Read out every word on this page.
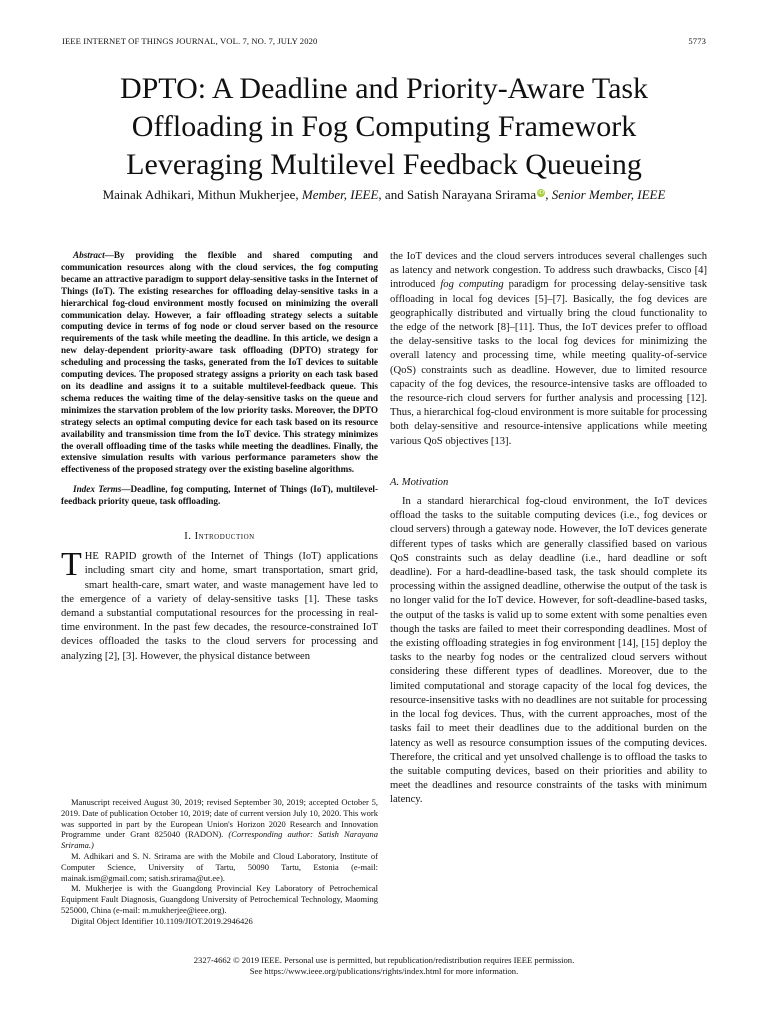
IEEE INTERNET OF THINGS JOURNAL, VOL. 7, NO. 7, JULY 2020	5773
DPTO: A Deadline and Priority-Aware Task
Offloading in Fog Computing Framework
Leveraging Multilevel Feedback Queueing
Mainak Adhikari, Mithun Mukherjee, Member, IEEE, and Satish Narayana Srirama iD, Senior Member, IEEE

Abstract—By providing the flexible and shared computing and communication resources along with the cloud services, the fog computing became an attractive paradigm to support delay-sensitive tasks in the Internet of Things (IoT). The existing researches for offloading delay-sensitive tasks in a hierarchical fog-cloud environment mostly focused on minimizing the overall communication delay. However, a fair offloading strategy selects a suitable computing device in terms of fog node or cloud server based on the resource requirements of the task while meeting the deadline. In this article, we design a new delay-dependent priority-aware task offloading (DPTO) strategy for scheduling and processing the tasks, generated from the IoT devices to suitable computing devices. The proposed strategy assigns a priority on each task based on its deadline and assigns it to a suitable multilevel-feedback queue. This schema reduces the waiting time of the delay-sensitive tasks on the queue and minimizes the starvation problem of the low priority tasks. Moreover, the DPTO strategy selects an optimal computing device for each task based on its resource availability and transmission time from the IoT device. This strategy minimizes the overall offloading time of the tasks while meeting the deadlines. Finally, the extensive simulation results with various performance parameters show the effectiveness of the proposed strategy over the existing baseline algorithms.

Index Terms—Deadline, fog computing, Internet of Things (IoT), multilevel-feedback priority queue, task offloading.

I. Introduction

THE RAPID growth of the Internet of Things (IoT) applications including smart city and home, smart transportation, smart grid, smart health-care, smart water, and waste management have led to the emergence of a variety of delay-sensitive tasks [1]. These tasks demand a substantial computational resources for the processing in real-time environment. In the past few decades, the resource-constrained IoT devices offloaded the tasks to the cloud servers for processing and analyzing [2], [3]. However, the physical distance between

Manuscript received August 30, 2019; revised September 30, 2019; accepted October 5, 2019. Date of publication October 10, 2019; date of current version July 10, 2020. This work was supported in part by the European Union's Horizon 2020 Research and Innovation Programme under Grant 825040 (RADON). (Corresponding author: Satish Narayana Srirama.)

M. Adhikari and S. N. Srirama are with the Mobile and Cloud Laboratory, Institute of Computer Science, University of Tartu, 50090 Tartu, Estonia (e-mail: mainak.ism@gmail.com; satish.srirama@ut.ee).

M. Mukherjee is with the Guangdong Provincial Key Laboratory of Petrochemical Equipment Fault Diagnosis, Guangdong University of Petrochemical Technology, Maoming 525000, China (e-mail: m.mukherjee@ieee.org).

Digital Object Identifier 10.1109/JIOT.2019.2946426

the IoT devices and the cloud servers introduces several challenges such as latency and network congestion. To address such drawbacks, Cisco [4] introduced fog computing paradigm for processing delay-sensitive task offloading in local fog devices [5]–[7]. Basically, the fog devices are geographically distributed and virtually bring the cloud functionality to the edge of the network [8]–[11]. Thus, the IoT devices prefer to offload the delay-sensitive tasks to the local fog devices for minimizing the overall latency and processing time, while meeting quality-of-service (QoS) constraints such as deadline. However, due to limited resource capacity of the fog devices, the resource-intensive tasks are offloaded to the resource-rich cloud servers for further analysis and processing [12]. Thus, a hierarchical fog-cloud environment is more suitable for processing both delay-sensitive and resource-intensive applications while meeting various QoS objectives [13].

A. Motivation

In a standard hierarchical fog-cloud environment, the IoT devices offload the tasks to the suitable computing devices (i.e., fog devices or cloud servers) through a gateway node. However, the IoT devices generate different types of tasks which are generally classified based on various QoS constraints such as delay deadline (i.e., hard deadline or soft deadline). For a hard-deadline-based task, the task should complete its processing within the assigned deadline, otherwise the output of the task is no longer valid for the IoT device. However, for soft-deadline-based tasks, the output of the tasks is valid up to some extent with some penalties even though the tasks are failed to meet their corresponding deadlines. Most of the existing offloading strategies in fog environment [14], [15] deploy the tasks to the nearby fog nodes or the centralized cloud servers without considering these different types of deadlines. Moreover, due to the limited computational and storage capacity of the local fog devices, the resource-insensitive tasks with no deadlines are not suitable for processing in the local fog devices. Thus, with the current approaches, most of the tasks fail to meet their deadlines due to the additional burden on the latency as well as resource consumption issues of the computing devices. Therefore, the critical and yet unsolved challenge is to offload the tasks to the suitable computing devices, based on their priorities and ability to meet the deadlines and resource constraints of the tasks with minimum latency.

2327-4662 © 2019 IEEE. Personal use is permitted, but republication/redistribution requires IEEE permission.
See https://www.ieee.org/publications/rights/index.html for more information.
